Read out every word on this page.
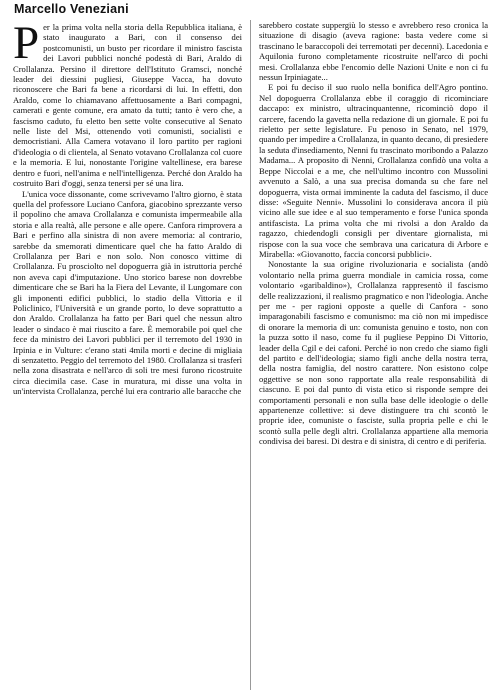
Marcello Veneziani

Per la prima volta nella storia della Repubblica italiana, è stato inaugurato a Bari, con il consenso dei postcomunisti, un busto per ricordare il ministro fascista dei Lavori pubblici nonché podestà di Bari, Araldo di Crollalanza. Persino il direttore dell'Istituto Gramsci, nonché leader dei diessini pugliesi, Giuseppe Vacca, ha dovuto riconoscere che Bari fa bene a ricordarsi di lui. In effetti, don Araldo, come lo chiamavano affettuosamente a Bari compagni, camerati e gente comune, era amato da tutti; tanto è vero che, a fascismo caduto, fu eletto ben sette volte consecutive al Senato nelle liste del Msi, ottenendo voti comunisti, socialisti e democristiani. Alla Camera votavano il loro partito per ragioni d'ideologia o di clientela, al Senato votavano Crollalanza col cuore e la memoria. E lui, nonostante l'origine valtellinese, era barese dentro e fuori, nell'anima e nell'intelligenza. Perché don Araldo ha costruito Bari d'oggi, senza tenersi per sé una lira.

L'unica voce dissonante, come scrivevamo l'altro giorno, è stata quella del professore Luciano Canfora, giacobino sprezzante verso il popolino che amava Crollalanza e comunista impermeabile alla storia e alla realtà, alle persone e alle opere. Canfora rimprovera a Bari e perfino alla sinistra di non avere memoria: al contrario, sarebbe da smemorati dimenticare quel che ha fatto Araldo di Crollalanza per Bari e non solo. Non conosco vittime di Crollalanza. Fu prosciolto nel dopoguerra già in istruttoria perché non aveva capi d'imputazione. Uno storico barese non dovrebbe dimenticare che se Bari ha la Fiera del Levante, il Lungomare con gli imponenti edifici pubblici, lo stadio della Vittoria e il Policlinico, l'Università e un grande porto, lo deve soprattutto a don Araldo. Crollalanza ha fatto per Bari quel che nessun altro leader o sindaco è mai riuscito a fare. È memorabile poi quel che fece da ministro dei Lavori pubblici per il terremoto del 1930 in Irpinia e in Vulture: c'erano stati 4mila morti e decine di migliaia di senzatetto. Peggio del terremoto del 1980. Crollalanza si trasferì nella zona disastrata e nell'arco di soli tre mesi furono ricostruite circa diecimila case. Case in muratura, mi disse una volta in un'intervista Crollalanza, perché lui era contrario alle baracche che

sarebbero costate suppergiù lo stesso e avrebbero reso cronica la situazione di disagio (aveva ragione: basta vedere come si trascinano le baraccopoli dei terremotati per decenni). Lacedonia e Aquilonia furono completamente ricostruite nell'arco di pochi mesi. Crollalanza ebbe l'encomio delle Nazioni Unite e non ci fu nessun Irpiniagate...

E poi fu deciso il suo ruolo nella bonifica dell'Agro pontino. Nel dopoguerra Crollalanza ebbe il coraggio di ricominciare daccapo: ex ministro, ultracinquantenne, ricominciò dopo il carcere, facendo la gavetta nella redazione di un giornale. E poi fu rieletto per sette legislature. Fu penoso in Senato, nel 1979, quando per impedire a Crollalanza, in quanto decano, di presiedere la seduta d'insediamento, Nenni fu trascinato moribondo a Palazzo Madama... A proposito di Nenni, Crollalanza confidò una volta a Beppe Niccolai e a me, che nell'ultimo incontro con Mussolini avvenuto a Salò, a una sua precisa domanda su che fare nel dopoguerra, vista ormai imminente la caduta del fascismo, il duce disse: «Seguite Nenni». Mussolini lo considerava ancora il più vicino alle sue idee e al suo temperamento e forse l'unica sponda antifascista. La prima volta che mi rivolsi a don Araldo da ragazzo, chiedendogli consigli per diventare giornalista, mi rispose con la sua voce che sembrava una caricatura di Arbore e Mirabella: «Giovanotto, faccia concorsi pubblici».

Nonostante la sua origine rivoluzionaria e socialista (andò volontario nella prima guerra mondiale in camicia rossa, come volontario «garibaldino»), Crollalanza rappresentò il fascismo delle realizzazioni, il realismo pragmatico e non l'ideologia. Anche per me - per ragioni opposte a quelle di Canfora - sono imparagonabili fascismo e comunismo: ma ciò non mi impedisce di onorare la memoria di un: comunista genuino e tosto, non con la puzza sotto il naso, come fu il pugliese Peppino Di Vittorio, leader della Cgil e dei cafoni. Perché io non credo che siamo figli del partito e dell'ideologia; siamo figli anche della nostra terra, della nostra famiglia, del nostro carattere. Non esistono colpe oggettive se non sono rapportate alla reale responsabilità di ciascuno. E poi dal punto di vista etico si risponde sempre dei comportamenti personali e non sulla base delle ideologie o delle appartenenze collettive: si deve distinguere tra chi scontò le proprie idee, comuniste o fasciste, sulla propria pelle e chi le scontò sulla pelle degli altri. Crollalanza appartiene alla memoria condivisa dei baresi. Di destra e di sinistra, di centro e di periferia.
